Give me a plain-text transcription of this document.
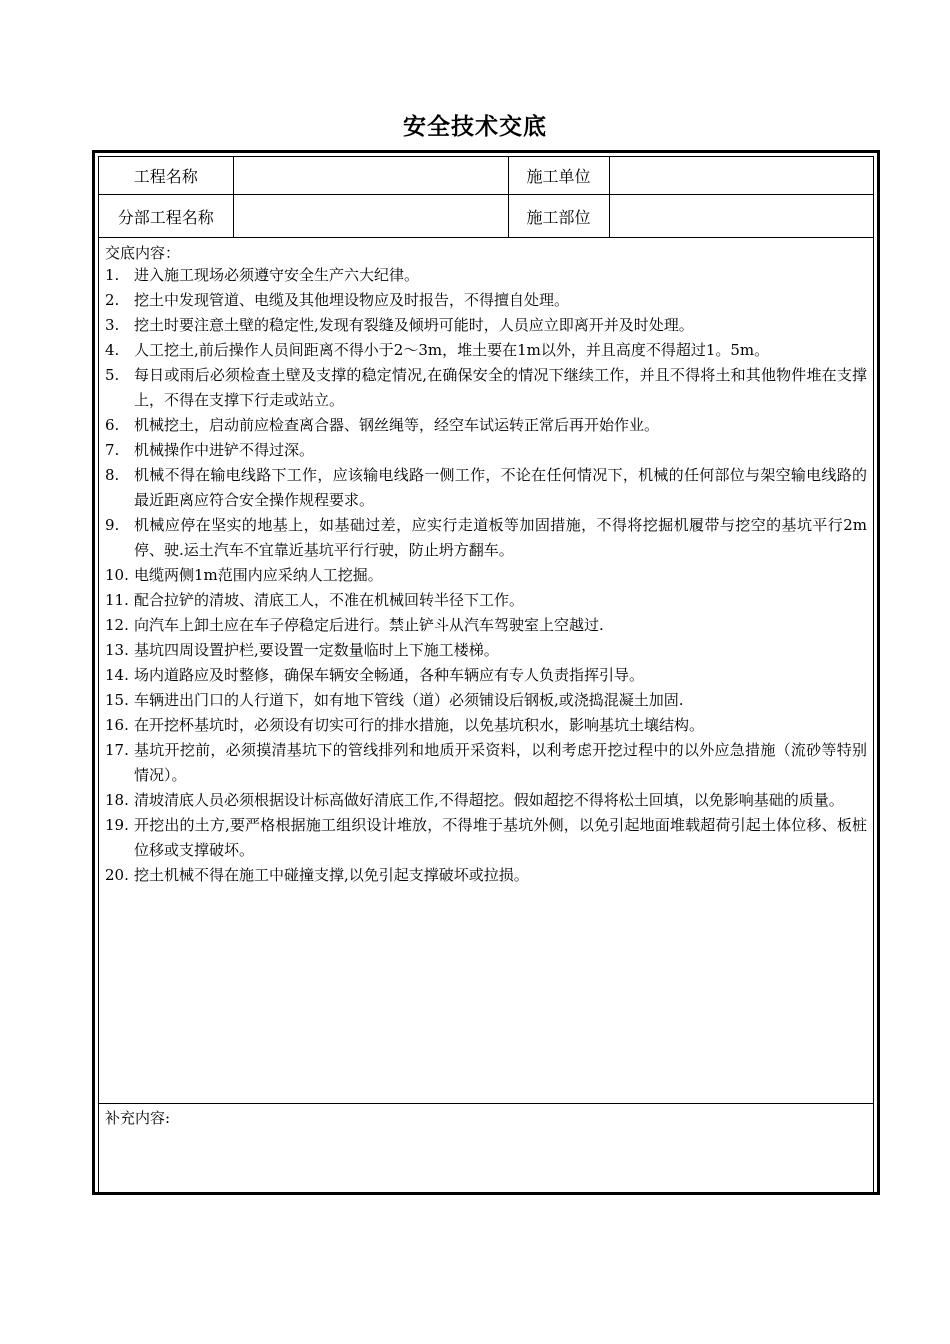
安全技术交底
工程名称		施工单位	
分部工程名称		施工部位	
交底内容：
1. 进入施工现场必须遵守安全生产六大纪律。
2. 挖土中发现管道、电缆及其他埋设物应及时报告，不得擅自处理。
3. 挖土时要注意土壁的稳定性,发现有裂缝及倾坍可能时，人员应立即离开并及时处理。
4. 人工挖土,前后操作人员间距离不得小于2～3m，堆土要在1m以外，并且高度不得超过1。5m。
5. 每日或雨后必须检查土壁及支撑的稳定情况,在确保安全的情况下继续工作，并且不得将土和其他物件堆在支撑上，不得在支撑下行走或站立。
6. 机械挖土，启动前应检查离合器、钢丝绳等，经空车试运转正常后再开始作业。
7. 机械操作中进铲不得过深。
8. 机械不得在输电线路下工作，应该输电线路一侧工作，不论在任何情况下，机械的任何部位与架空输电线路的最近距离应符合安全操作规程要求。
9. 机械应停在坚实的地基上，如基础过差，应实行走道板等加固措施，不得将挖掘机履带与挖空的基坑平行2m停、驶.运土汽车不宜靠近基坑平行行驶，防止坍方翻车。
10. 电缆两侧1m范围内应采纳人工挖掘。
11. 配合拉铲的清坡、清底工人，不准在机械回转半径下工作。
12. 向汽车上卸土应在车子停稳定后进行。禁止铲斗从汽车驾驶室上空越过.
13. 基坑四周设置护栏,要设置一定数量临时上下施工楼梯。
14. 场内道路应及时整修，确保车辆安全畅通，各种车辆应有专人负责指挥引导。
15. 车辆进出门口的人行道下，如有地下管线（道）必须铺设后钢板,或浇捣混凝土加固.
16. 在开挖杯基坑时，必须设有切实可行的排水措施，以免基坑积水，影响基坑土壤结构。
17. 基坑开挖前，必须摸清基坑下的管线排列和地质开采资料，以利考虑开挖过程中的以外应急措施（流砂等特别情况）。
18. 清坡清底人员必须根据设计标高做好清底工作,不得超挖。假如超挖不得将松土回填，以免影响基础的质量。
19. 开挖出的土方,要严格根据施工组织设计堆放，不得堆于基坑外侧，以免引起地面堆载超荷引起土体位移、板桩位移或支撑破坏。
20. 挖土机械不得在施工中碰撞支撑,以免引起支撑破坏或拉损。
补充内容:
